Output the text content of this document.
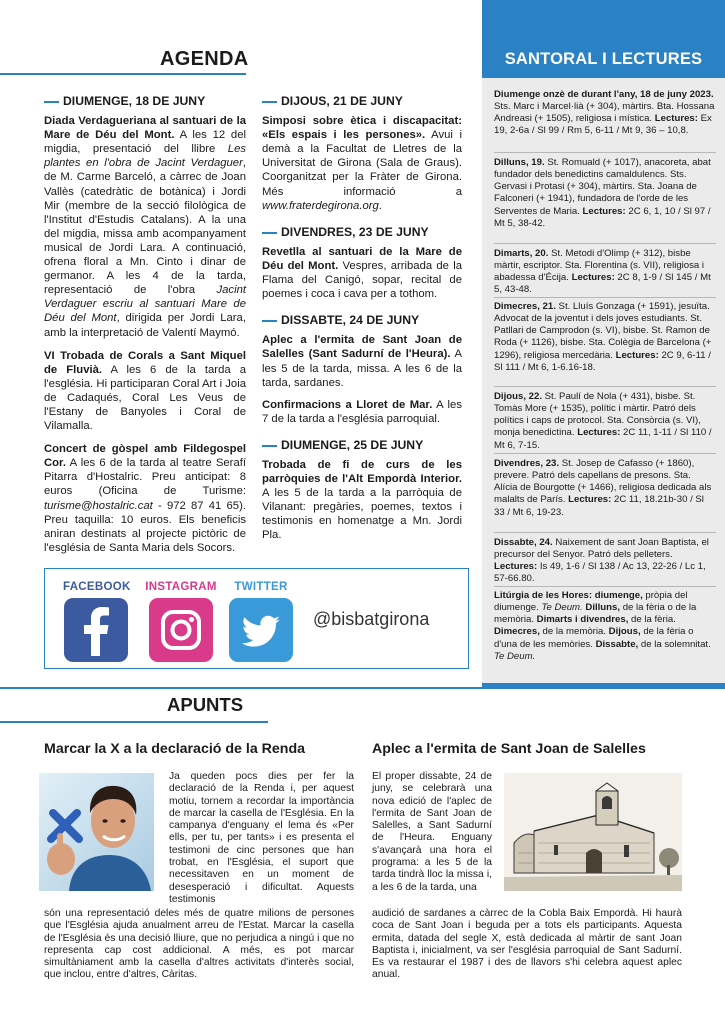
AGENDA

DIUMENGE, 18 DE JUNY

Diada Verdagueriana al santuari de la Mare de Déu del Mont. A les 12 del migdia, presentació del llibre Les plantes en l'obra de Jacint Verdaguer, de M. Carme Barceló, a càrrec de Joan Vallès (catedràtic de botànica) i Jordi Mir (membre de la secció filològica de l'Institut d'Estudis Catalans). A la una del migdia, missa amb acompanyament musical de Jordi Lara. A continuació, ofrena floral a Mn. Cinto i dinar de germanor. A les 4 de la tarda, representació de l'obra Jacint Verdaguer escriu al santuari Mare de Déu del Mont, dirigida per Jordi Lara, amb la interpretació de Valentí Maymó.

VI Trobada de Corals a Sant Miquel de Fluvià. A les 6 de la tarda a l'església. Hi participaran Coral Art i Joia de Cadaqués, Coral Les Veus de l'Estany de Banyoles i Coral de Vilamalla.

Concert de gòspel amb Fildegospel Cor. A les 6 de la tarda al teatre Serafí Pitarra d'Hostalric. Preu anticipat: 8 euros (Oficina de Turisme: turisme@hostalric.cat - 972 87 41 65). Preu taquilla: 10 euros. Els beneficis aniran destinats al projecte pictòric de l'església de Santa Maria dels Socors.

DIJOUS, 21 DE JUNY

Simposi sobre ètica i discapacitat: «Els espais i les persones». Avui i demà a la Facultat de Lletres de la Universitat de Girona (Sala de Graus). Coorganitzat per la Fràter de Girona. Més informació a www.fraterdegirona.org.

DIVENDRES, 23 DE JUNY

Revetlla al santuari de la Mare de Déu del Mont. Vespres, arribada de la Flama del Canigó, sopar, recital de poemes i coca i cava per a tothom.

DISSABTE, 24 DE JUNY

Aplec a l'ermita de Sant Joan de Salelles (Sant Sadurní de l'Heura). A les 5 de la tarda, missa. A les 6 de la tarda, sardanes.

Confirmacions a Lloret de Mar. A les 7 de la tarda a l'església parroquial.

DIUMENGE, 25 DE JUNY

Trobada de fi de curs de les parròquies de l'Alt Empordà Interior. A les 5 de la tarda a la parròquia de Vilanant: pregàries, poemes, textos i testimonis en homenatge a Mn. Jordi Pla.

FACEBOOK INSTAGRAM	TWITTER
@bisbatgirona
SANTORAL I LECTURES
Diumenge onzè de durant l'any, 18 de juny 2023. Sts. Marc i Marcel·lià (+ 304), màrtirs. Bta. Hossana Andreasi (+ 1505), religiosa i mística. Lectures: Ex 19, 2-6a / Sl 99 / Rm 5, 6-11 / Mt 9, 36 – 10,8.
Dilluns, 19. St. Romuald (+ 1017), anacoreta, abat fundador dels benedictins camaldulencs. Sts. Gervasi i Protasi (+ 304), màrtirs. Sta. Joana de Falconeri (+ 1941), fundadora de l'orde de les Serventes de Maria. Lectures: 2C 6, 1, 10 / Sl 97 / Mt 5, 38-42.
Dimarts, 20. St. Metodi d'Olimp (+ 312), bisbe màrtir, escriptor. Sta. Florentina (s. VII), religiosa i abadessa d'Écija. Lectures: 2C 8, 1-9 / Sl 145 / Mt 5, 43-48.
Dimecres, 21. St. Lluís Gonzaga (+ 1591), jesuïta. Advocat de la joventut i dels joves estudiants. St. Patllari de Camprodon (s. VI), bisbe. St. Ramon de Roda (+ 1126), bisbe. Sta. Colègia de Barcelona (+ 1296), religiosa mercedària. Lectures: 2C 9, 6-11 / Sl 111 / Mt 6, 1-6.16-18.
Dijous, 22. St. Paulí de Nola (+ 431), bisbe. St. Tomàs More (+ 1535), polític i màrtir. Patró dels polítics i caps de protocol. Sta. Consòrcia (s. VI), monja benedictina. Lectures: 2C 11, 1-11 / Sl 110 / Mt 6, 7-15.
Divendres, 23. St. Josep de Cafasso (+ 1860), prevere. Patró dels capellans de presons. Sta. Alícia de Bourgotte (+ 1466), religiosa dedicada als malalts de París. Lectures: 2C 11, 18.21b-30 / Sl 33 / Mt 6, 19-23.
Dissabte, 24. Naixement de sant Joan Baptista, el precursor del Senyor. Patró dels pelleters. Lectures: Is 49, 1-6 / Sl 138 / Ac 13, 22-26 / Lc 1, 57-66.80.
Litúrgia de les Hores: diumenge, pròpia del diumenge. Te Deum. Dilluns, de la fèria o de la memòria. Dimarts i divendres, de la fèria. Dimecres, de la memòria. Dijous, de la fèria o d'una de les memòries. Dissabte, de la solemnitat. Te Deum.
APUNTS
Marcar la X a la declaració de la Renda
Ja queden pocs dies per fer la declaració de la Renda i, per aquest motiu, tornem a recordar la importància de marcar la casella de l'Església. En la campanya d'enguany el lema és «Per ells, per tu, per tants» i es presenta el testimoni de cinc persones que han trobat, en l'Església, el suport que necessitaven en un moment de desesperació i dificultat. Aquests testimonis
són una representació deles més de quatre milions de persones que l'Església ajuda anualment arreu de l'Estat. Marcar la casella de l'Església és una decisió lliure, que no perjudica a ningú i que no representa cap cost addicional. A més, es pot marcar simultàniament amb la casella d'altres activitats d'interès social, que inclou, entre d'altres, Càritas.
Aplec a l'ermita de Sant Joan de Salelles
El proper dissabte, 24 de juny, se celebrarà una nova edició de l'aplec de l'ermita de Sant Joan de Salelles, a Sant Sadurní de l'Heura. Enguany s'avançarà una hora el programa: a les 5 de la tarda tindrà lloc la missa i, a les 6 de la tarda, una
audició de sardanes a càrrec de la Cobla Baix Empordà. Hi haurà coca de Sant Joan i beguda per a tots els participants. Aquesta ermita, datada del segle X, està dedicada al màrtir de sant Joan Baptista i, inicialment, va ser l'església parroquial de Sant Sadurní. Es va restaurar el 1987 i des de llavors s'hi celebra aquest aplec anual.
